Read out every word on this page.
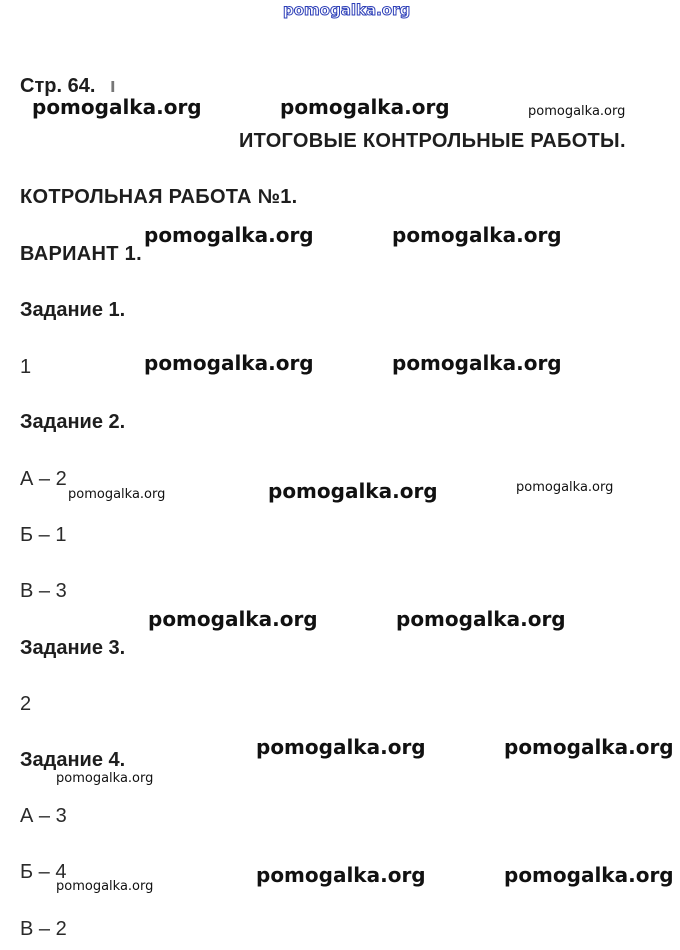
pomogalka.org
Стр. 64. ı
ИТОГОВЫЕ КОНТРОЛЬНЫЕ РАБОТЫ.
КОТРОЛЬНАЯ РАБОТА №1.
ВАРИАНТ 1.
Задание 1.
1
Задание 2.
А – 2
Б – 1
В – 3
Задание 3.
2
Задание 4.
А – 3
Б – 4
В – 2
pomogalka.org	pomogalka.org
pomogalka.org	pomogalka.org
pomogalka.org	pomogalka.org
pomogalka.org
pomogalka.org	pomogalka.org
pomogalka.org	pomogalka.org
pomogalka.org	pomogalka.org
pomogalka.org
pomogalka.org	pomogalka.org
pomogalka.org
pomogalka.org
